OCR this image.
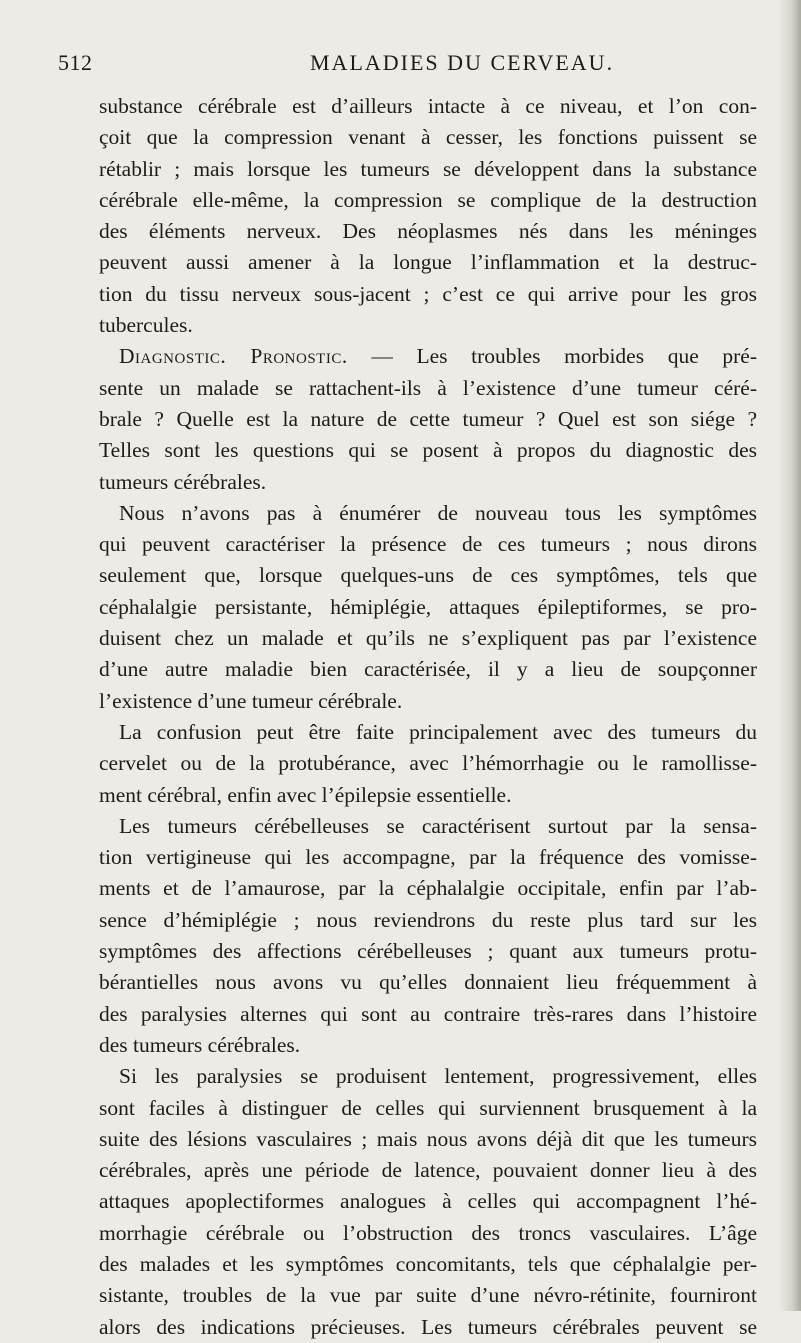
512	MALADIES DU CERVEAU.
substance cérébrale est d’ailleurs intacte à ce niveau, et l’on con-
çoit que la compression venant à cesser, les fonctions puissent se
rétablir ; mais lorsque les tumeurs se développent dans la substance
cérébrale elle-même, la compression se complique de la destruction
des éléments nerveux. Des néoplasmes nés dans les méninges
peuvent aussi amener à la longue l’inflammation et la destruc-
tion du tissu nerveux sous-jacent ; c’est ce qui arrive pour les gros
tubercules.
Diagnostic. Pronostic. — Les troubles morbides que pré-
sente un malade se rattachent-ils à l’existence d’une tumeur céré-
brale ? Quelle est la nature de cette tumeur ? Quel est son siége ?
Telles sont les questions qui se posent à propos du diagnostic des
tumeurs cérébrales.
Nous n’avons pas à énumérer de nouveau tous les symptômes
qui peuvent caractériser la présence de ces tumeurs ; nous dirons
seulement que, lorsque quelques-uns de ces symptômes, tels que
céphalalgie persistante, hémiplégie, attaques épileptiformes, se pro-
duisent chez un malade et qu’ils ne s’expliquent pas par l’existence
d’une autre maladie bien caractérisée, il y a lieu de soupçonner
l’existence d’une tumeur cérébrale.
La confusion peut être faite principalement avec des tumeurs du
cervelet ou de la protubérance, avec l’hémorrhagie ou le ramollisse-
ment cérébral, enfin avec l’épilepsie essentielle.
Les tumeurs cérébelleuses se caractérisent surtout par la sensa-
tion vertigineuse qui les accompagne, par la fréquence des vomisse-
ments et de l’amaurose, par la céphalalgie occipitale, enfin par l’ab-
sence d’hémiplégie ; nous reviendrons du reste plus tard sur les
symptômes des affections cérébelleuses ; quant aux tumeurs protu-
bérantielles nous avons vu qu’elles donnaient lieu fréquemment à
des paralysies alternes qui sont au contraire très-rares dans l’histoire
des tumeurs cérébrales.
Si les paralysies se produisent lentement, progressivement, elles
sont faciles à distinguer de celles qui surviennent brusquement à la
suite des lésions vasculaires ; mais nous avons déjà dit que les tumeurs
cérébrales, après une période de latence, pouvaient donner lieu à des
attaques apoplectiformes analogues à celles qui accompagnent l’hé-
morrhagie cérébrale ou l’obstruction des troncs vasculaires. L’âge
des malades et les symptômes concomitants, tels que céphalalgie per-
sistante, troubles de la vue par suite d’une névro-rétinite, fourniront
alors des indications précieuses. Les tumeurs cérébrales peuvent se
